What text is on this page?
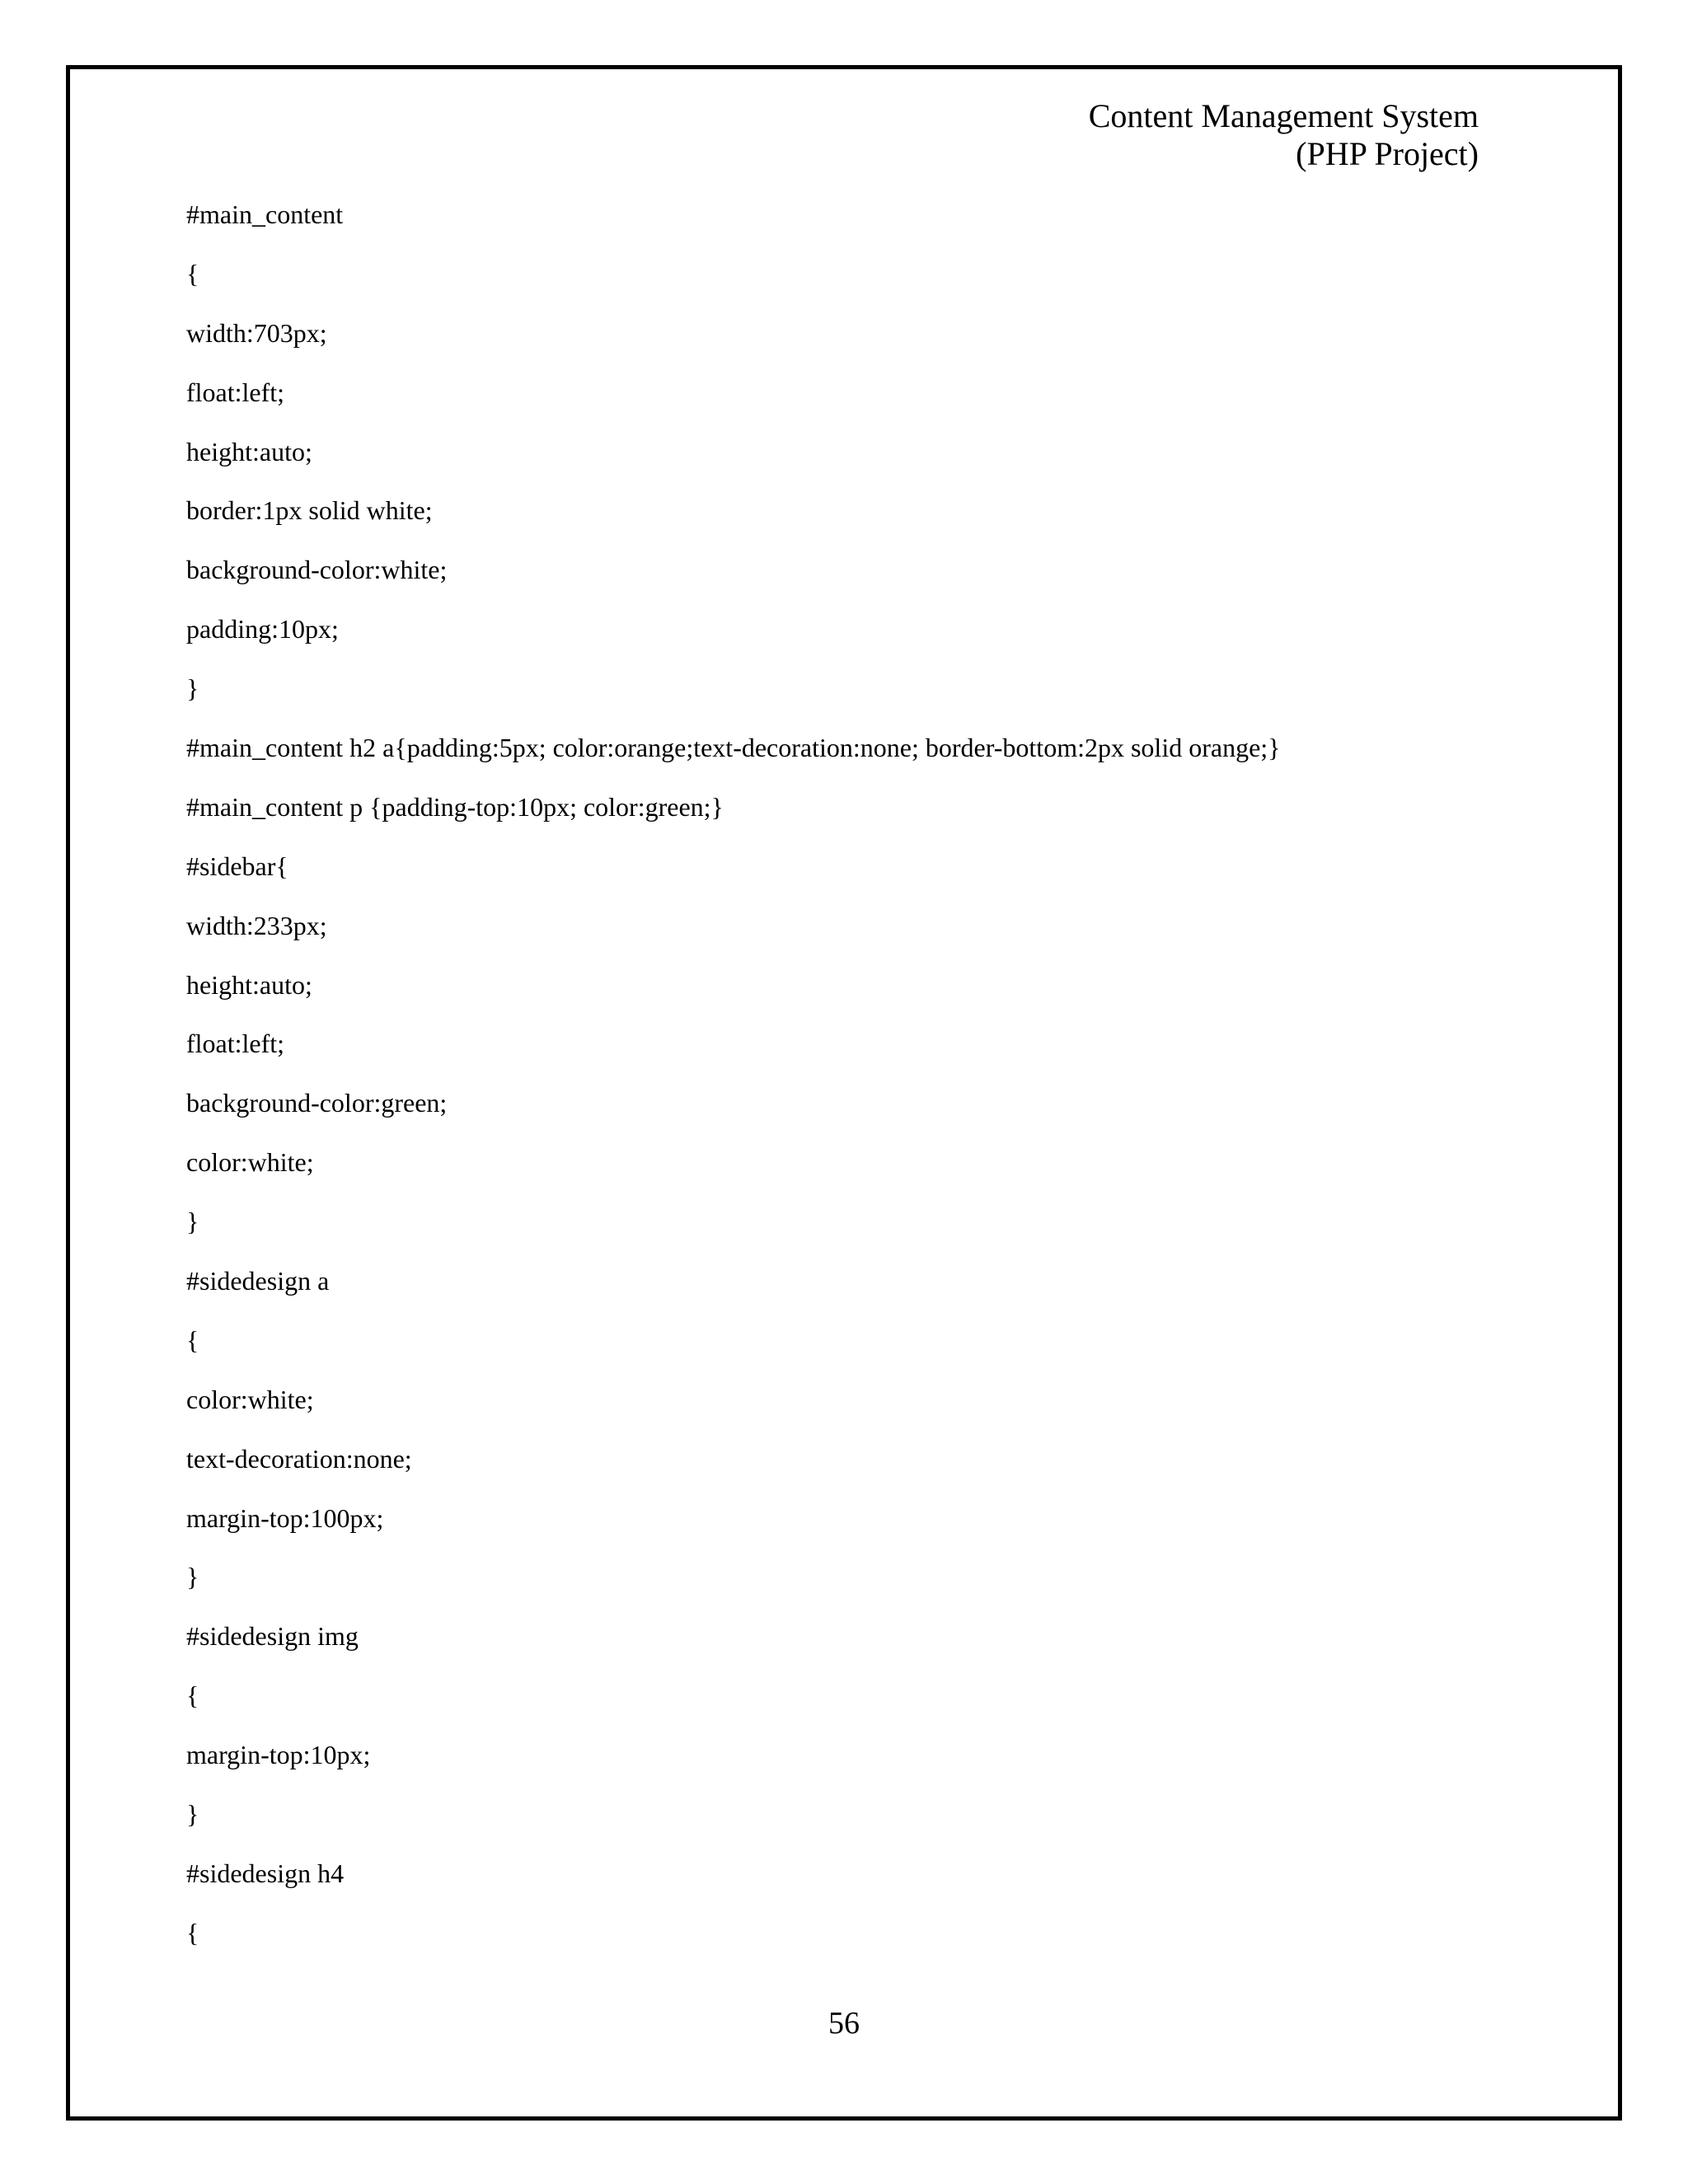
Content Management System
(PHP Project)
#main_content
{
width:703px;
float:left;
height:auto;
border:1px solid white;
background-color:white;
padding:10px;
}
#main_content h2 a{padding:5px; color:orange;text-decoration:none; border-bottom:2px solid orange;}
#main_content p {padding-top:10px; color:green;}
#sidebar{
width:233px;
height:auto;
float:left;
background-color:green;
color:white;
}
#sidedesign a
{
color:white;
text-decoration:none;
margin-top:100px;
}
#sidedesign img
{
margin-top:10px;
}
#sidedesign h4
{
56
